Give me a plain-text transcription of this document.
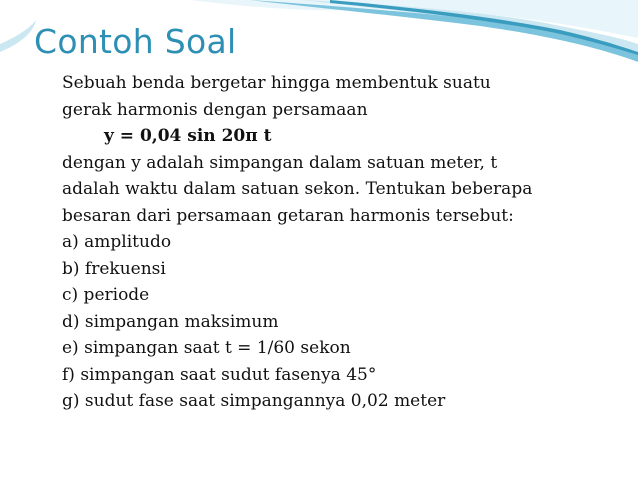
Contoh Soal
Sebuah benda bergetar hingga membentuk suatu
gerak harmonis dengan persamaan
y = 0,04 sin 20π t
dengan y adalah simpangan dalam satuan meter, t
adalah waktu dalam satuan sekon. Tentukan beberapa
besaran dari persamaan getaran harmonis tersebut:
a) amplitudo
b) frekuensi
c) periode
d) simpangan maksimum
e) simpangan saat t = 1/60 sekon
f) simpangan saat sudut fasenya 45°
g) sudut fase saat simpangannya 0,02 meter
